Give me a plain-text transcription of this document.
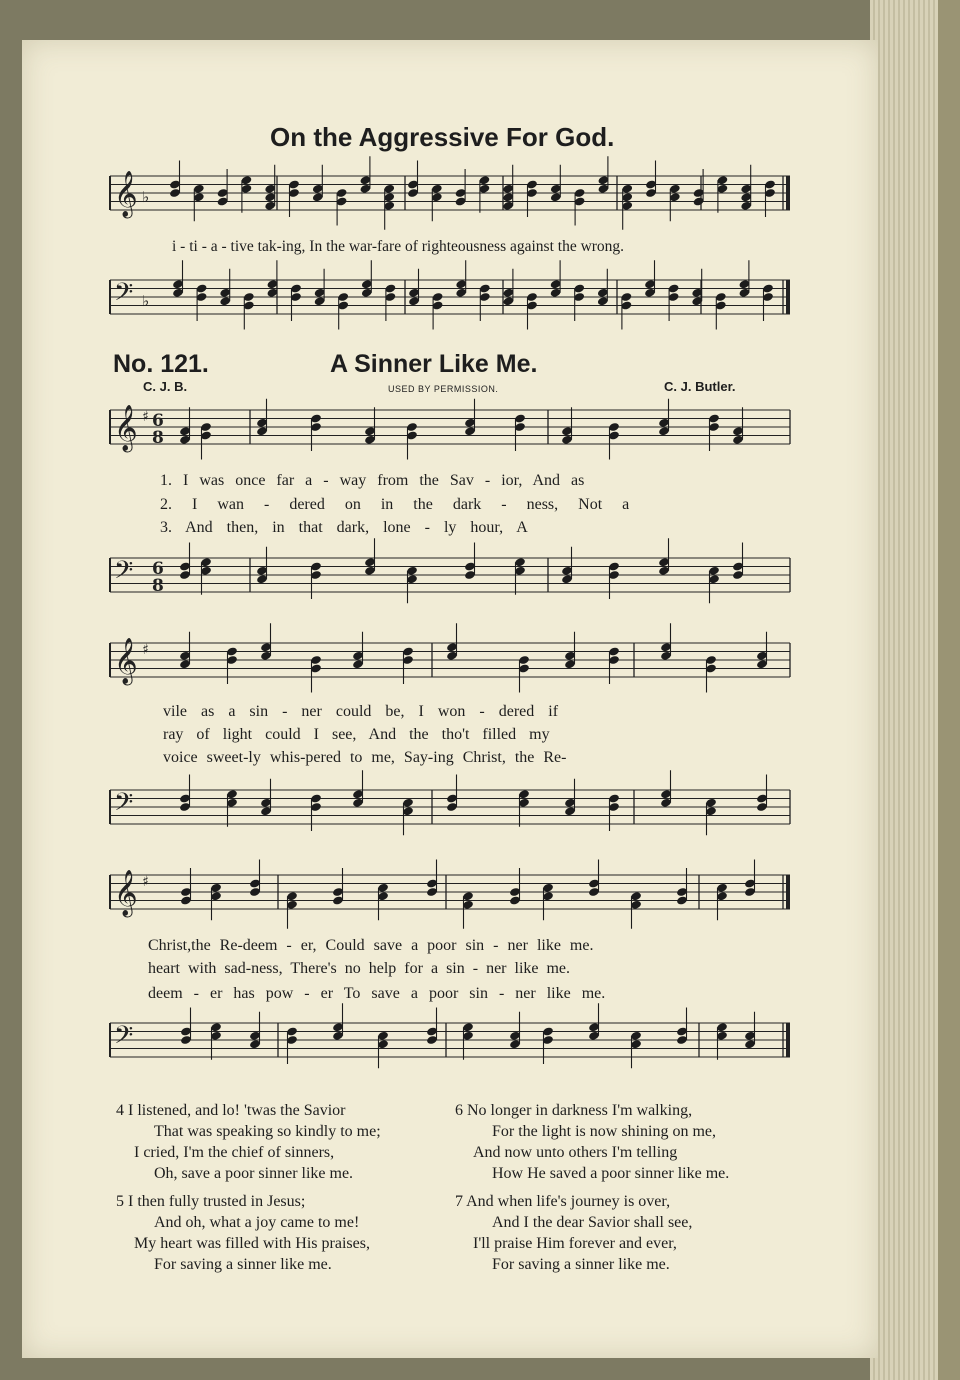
𝄞 ♭
𝄢 ♭
𝄞 ♯ 6
8
𝄢 6
8
𝄞 ♯
𝄢
𝄞 ♯
𝄢
On the Aggressive For God.
i - ti - a - tive tak-ing, In the war-fare of righteousness against the wrong.
No. 121.	A Sinner Like Me.
C. J. B.	USED BY PERMISSION.	C. J. Butler.
1. I was once far a - way from the Sav - ior, And as
2. I wan - dered on in the dark - ness, Not a
3. And then, in that dark, lone - ly hour, A
vile as a sin - ner could be, I won - dered if
ray of light could I see, And the tho't filled my
voice sweet-ly whis-pered to me, Say-ing Christ, the Re-
Christ,the Re-deem - er, Could save a poor sin - ner like me.
heart with sad-ness, There's no help for a sin - ner like me.
deem - er has pow - er To save a poor sin - ner like me.
4 I listened, and lo! 'twas the Savior
That was speaking so kindly to me;
I cried, I'm the chief of sinners,
Oh, save a poor sinner like me.
5 I then fully trusted in Jesus;
And oh, what a joy came to me!
My heart was filled with His praises,
For saving a sinner like me.
6 No longer in darkness I'm walking,
For the light is now shining on me,
And now unto others I'm telling
How He saved a poor sinner like me.
7 And when life's journey is over,
And I the dear Savior shall see,
I'll praise Him forever and ever,
For saving a sinner like me.
